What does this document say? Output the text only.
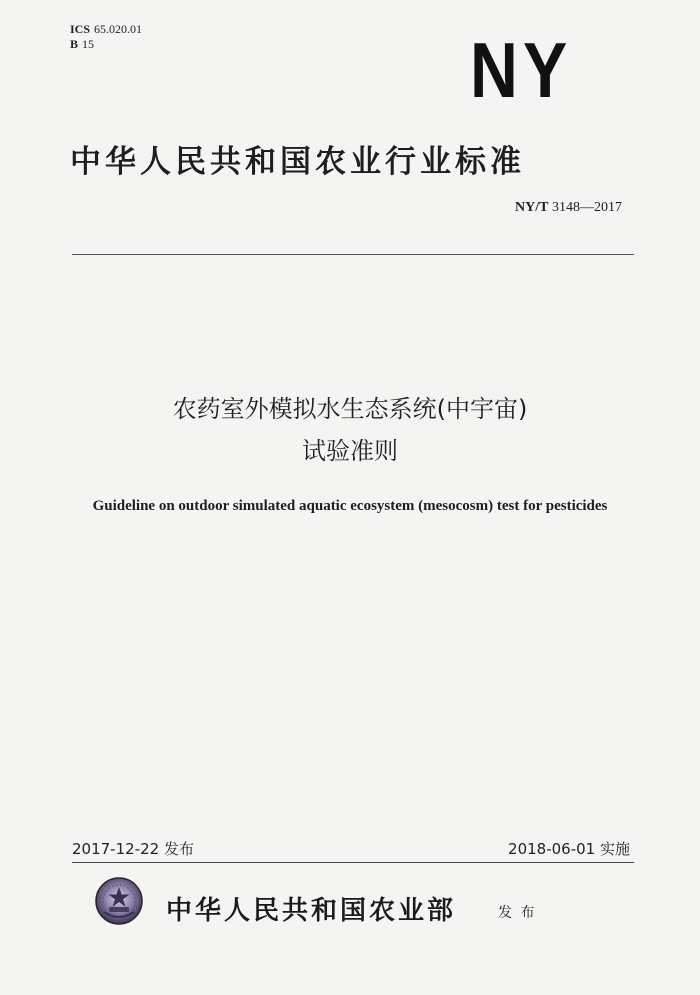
ICS 65.020.01
B 15	NY
中华人民共和国农业行业标准
NY/T 3148—2017
农药室外模拟水生态系统(中宇宙)
试验准则
Guideline on outdoor simulated aquatic ecosystem (mesocosm) test for pesticides
2017-12-22 发布	2018-06-01 实施
中华人民共和国农业部	发 布
